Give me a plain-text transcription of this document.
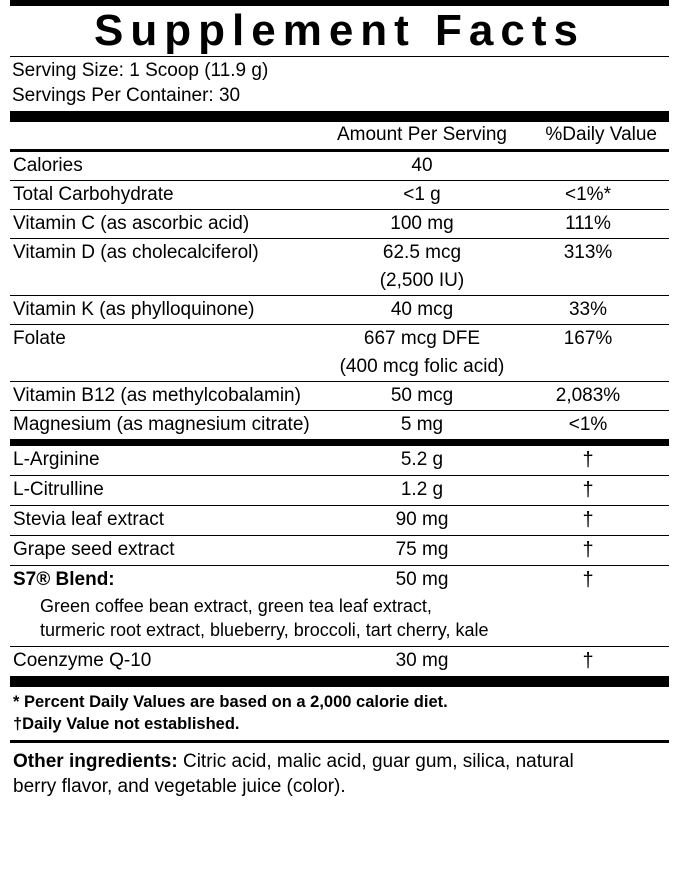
Supplement Facts
Serving Size: 1 Scoop (11.9 g)
Servings Per Container: 30
	Amount Per Serving	%Daily Value
Calories	40	
Total Carbohydrate	<1 g	<1%*
Vitamin C (as ascorbic acid)	100 mg	111%
Vitamin D (as cholecalciferol)	62.5 mcg	313%
	(2,500 IU)	
Vitamin K (as phylloquinone)	40 mcg	33%
Folate	667 mcg DFE	167%
	(400 mcg folic acid)	
Vitamin B12 (as methylcobalamin)	50 mcg	2,083%
Magnesium (as magnesium citrate)	5 mg	<1%

L-Arginine	5.2 g	†
L-Citrulline	1.2 g	†
Stevia leaf extract	90 mg	†
Grape seed extract	75 mg	†
S7® Blend:	50 mg	†
Green coffee bean extract, green tea leaf extract,		
turmeric root extract, blueberry, broccoli, tart cherry, kale		
Coenzyme Q-10	30 mg	†
* Percent Daily Values are based on a 2,000 calorie diet.
†Daily Value not established.
Other ingredients: Citric acid, malic acid, guar gum, silica, natural
berry flavor, and vegetable juice (color).
